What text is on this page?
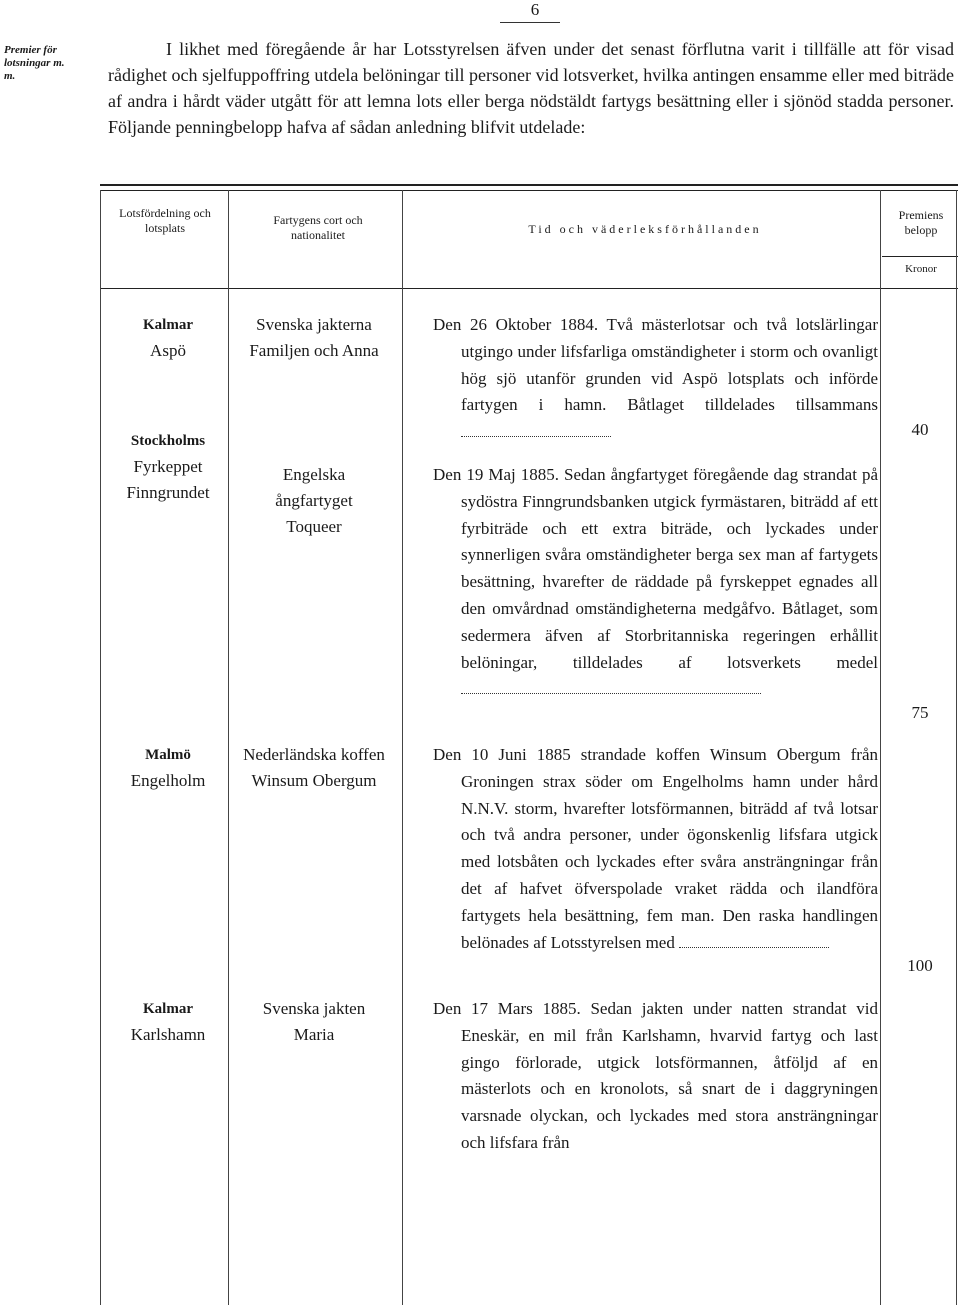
6
Premier för lotsningar m. m.

I likhet med föregående år har Lotsstyrelsen äfven under det senast förflutna varit i tillfälle att för visad rådighet och sjelfuppoffring utdela belöningar till personer vid lotsverket, hvilka antingen ensamme eller med biträde af andra i hårdt väder utgått för att lemna lots eller berga nödstäldt fartygs besättning eller i sjönöd stadda personer. Följande penningbelopp hafva af sådan anledning blifvit utdelade:

Lotsfördelning och lotsplats
Fartygens cort och nationalitet	Tid och väderleksförhållanden
Premiens belopp
Kronor
Kalmar
Aspö
Svenska jakterna Familjen och Anna

Den 26 Oktober 1884. Två mästerlotsar och två lotslärlingar utgingo under lifsfarliga omständigheter i storm och ovanligt hög sjö utanför grunden vid Aspö lotsplats och införde fartygen i hamn. Båtlaget tilldelades tillsammans

40
Stockholms
Fyrkeppet Finngrundet
Engelska ångfartyget Toqueer

Den 19 Maj 1885. Sedan ångfartyget föregående dag strandat på sydöstra Finngrundsbanken utgick fyrmästaren, biträdd af ett fyrbiträde och ett extra biträde, och lyckades under synnerligen svåra omständigheter berga sex man af fartygets besättning, hvarefter de räddade på fyrskeppet egnades all den omvårdnad omständigheterna medgåfvo. Båtlaget, som sedermera äfven af Storbritanniska regeringen erhållit belöningar, tilldelades af lotsverkets medel

75
Malmö
Engelholm
Nederländska koffen Winsum Obergum

Den 10 Juni 1885 strandade koffen Winsum Obergum från Groningen strax söder om Engelholms hamn under hård N.N.V. storm, hvarefter lotsförmannen, biträdd af två lotsar och två andra personer, under ögonskenlig lifsfara utgick med lotsbåten och lyckades efter svåra ansträngningar från det af hafvet öfverspolade vraket rädda och ilandföra fartygets hela besättning, fem man. Den raska handlingen belönades af Lotsstyrelsen med

100
Kalmar
Karlshamn
Svenska jakten Maria

Den 17 Mars 1885. Sedan jakten under natten strandat vid Eneskär, en mil från Karlshamn, hvarvid fartyg och last gingo förlorade, utgick lotsförmannen, åtföljd af en mästerlots och en kronolots, så snart de i daggryningen varsnade olyckan, och lyckades med stora ansträngningar och lifsfara från
